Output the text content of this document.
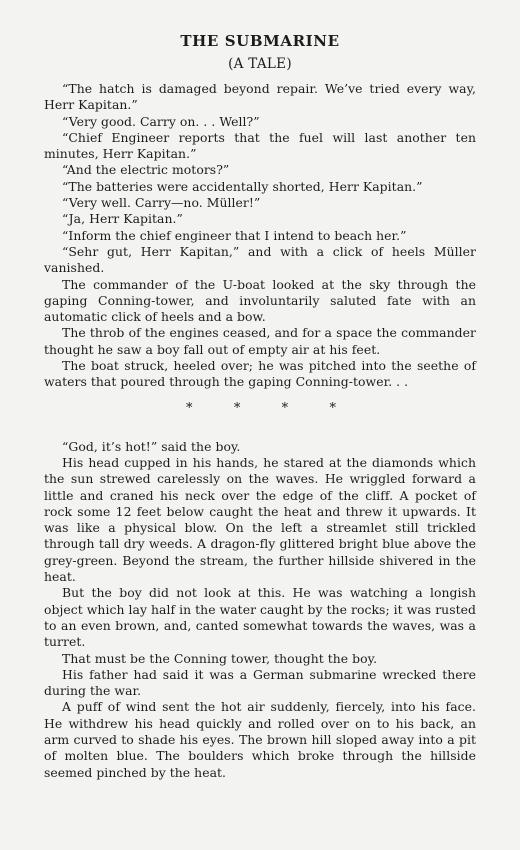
THE SUBMARINE
(A TALE)

“The hatch is damaged beyond repair. We’ve tried every way, Herr Kapitan.”

“Very good. Carry on. . . Well?”

“Chief Engineer reports that the fuel will last another ten minutes, Herr Kapitan.”

“And the electric motors?”

“The batteries were accidentally shorted, Herr Kapitan.”

“Very well. Carry—no. Müller!”

“Ja, Herr Kapitan.”

“Inform the chief engineer that I intend to beach her.”

“Sehr gut, Herr Kapitan,” and with a click of heels Müller vanished.

The commander of the U-boat looked at the sky through the gaping Conning-tower, and involuntarily saluted fate with an automatic click of heels and a bow.

The throb of the engines ceased, and for a space the commander thought he saw a boy fall out of empty air at his feet.

The boat struck, heeled over; he was pitched into the seethe of waters that poured through the gaping Conning-tower. . .

*	*	*	*

“God, it’s hot!” said the boy.

His head cupped in his hands, he stared at the diamonds which the sun strewed carelessly on the waves. He wriggled forward a little and craned his neck over the edge of the cliff. A pocket of rock some 12 feet below caught the heat and threw it upwards. It was like a physical blow. On the left a streamlet still trickled through tall dry weeds. A dragon-fly glittered bright blue above the grey-green. Beyond the stream, the further hillside shivered in the heat.

But the boy did not look at this. He was watching a longish object which lay half in the water caught by the rocks; it was rusted to an even brown, and, canted somewhat towards the waves, was a turret.

That must be the Conning tower, thought the boy.

His father had said it was a German submarine wrecked there during the war.

A puff of wind sent the hot air suddenly, fiercely, into his face. He withdrew his head quickly and rolled over on to his back, an arm curved to shade his eyes. The brown hill sloped away into a pit of molten blue. The boulders which broke through the hillside seemed pinched by the heat.
